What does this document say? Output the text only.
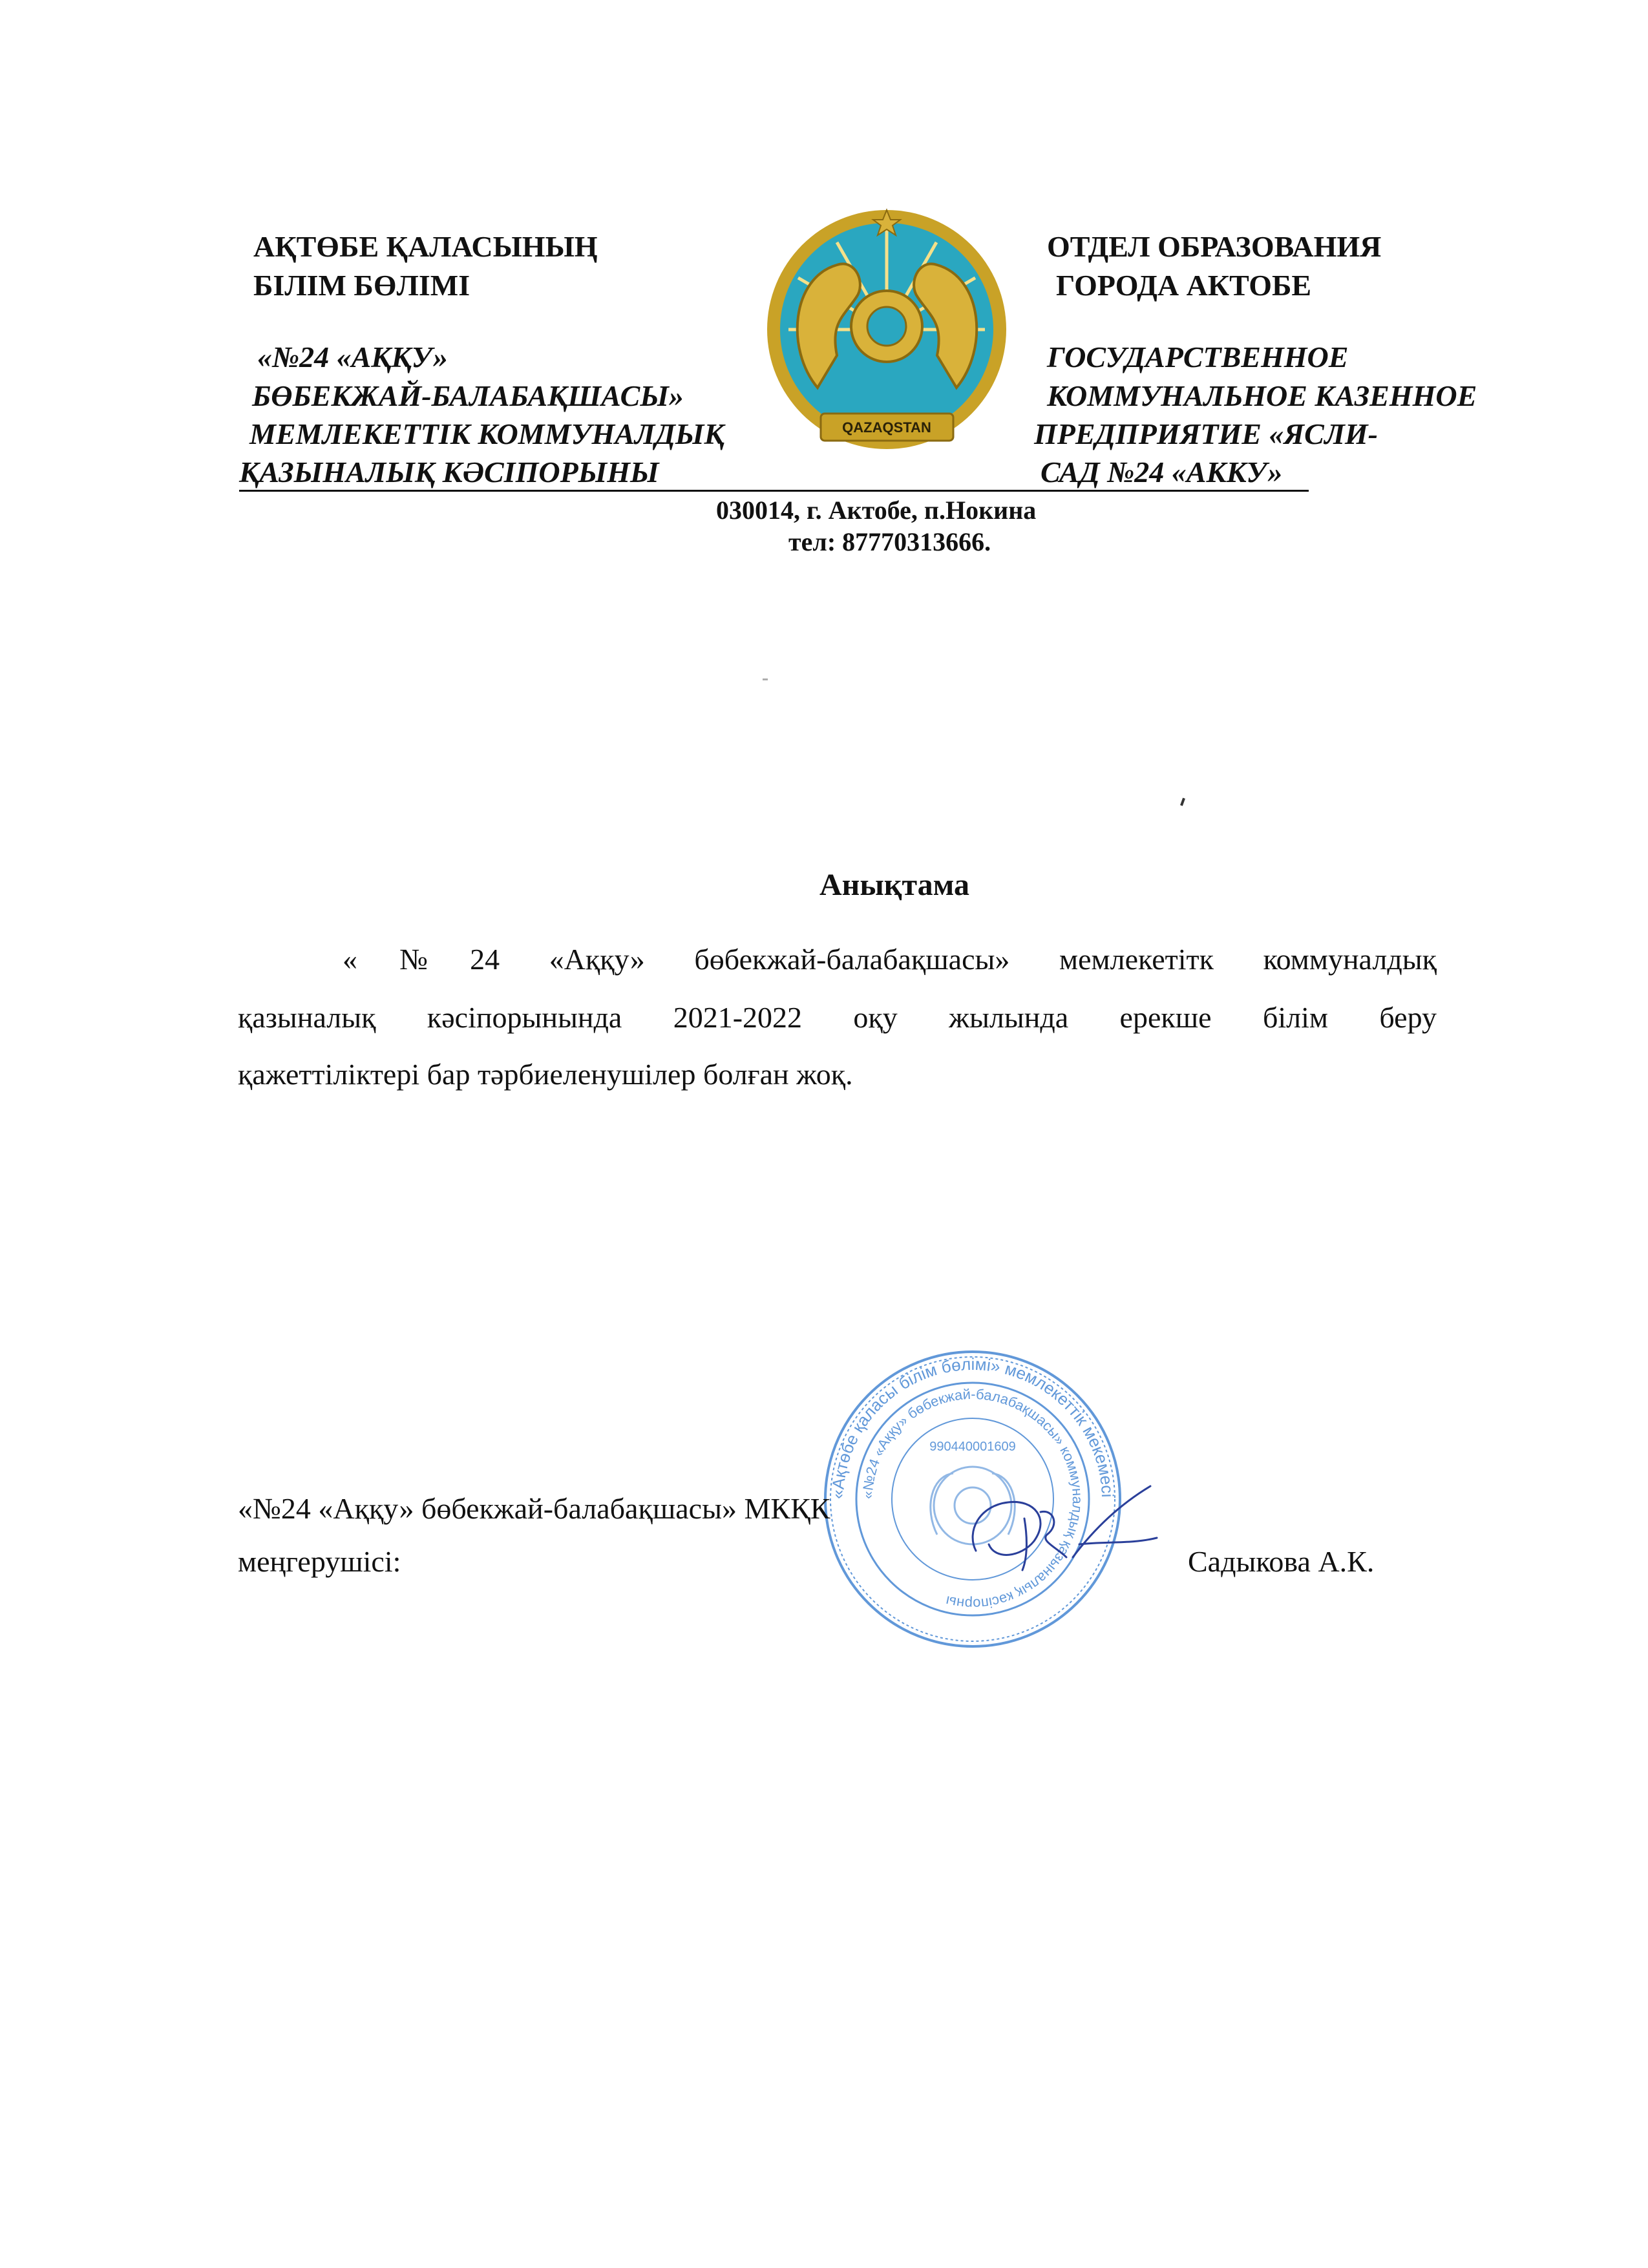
АҚТӨБЕ ҚАЛАСЫНЫҢ
БІЛІМ БӨЛІМІ
ОТДЕЛ ОБРАЗОВАНИЯ
ГОРОДА АКТОБЕ
«№24 «АҚҚУ»
БӨБЕКЖАЙ-БАЛАБАҚШАСЫ»
МЕМЛЕКЕТТІК КОММУНАЛДЫҚ
ҚАЗЫНАЛЫҚ КӘСІПОРЫНЫ
ГОСУДАРСТВЕННОЕ
КОММУНАЛЬНОЕ КАЗЕННОЕ
ПРЕДПРИЯТИЕ «ЯСЛИ-
САД №24 «АККУ»
030014, г. Актобе, п.Нокина
тел: 87770313666.
QAZAQSTAN
Анықтама
«№24 «Аққу» бөбекжай-балабақшасы» мемлекетітк коммуналдық
қазыналық кәсіпорынында 2021-2022 оқу жылында ерекше білім беру
қажеттіліктері бар тәрбиеленушілер болған жоқ.
«Ақтөбе қаласы білім бөлімі» мемлекеттік мекемесі
«№24 «Аққу» бөбекжай-балабақшасы» коммуналдық қазыналық кәсіпорны
990440001609
«№24 «Аққу» бөбекжай-балабақшасы» МКҚК
меңгерушісі:	Садыкова А.К.
